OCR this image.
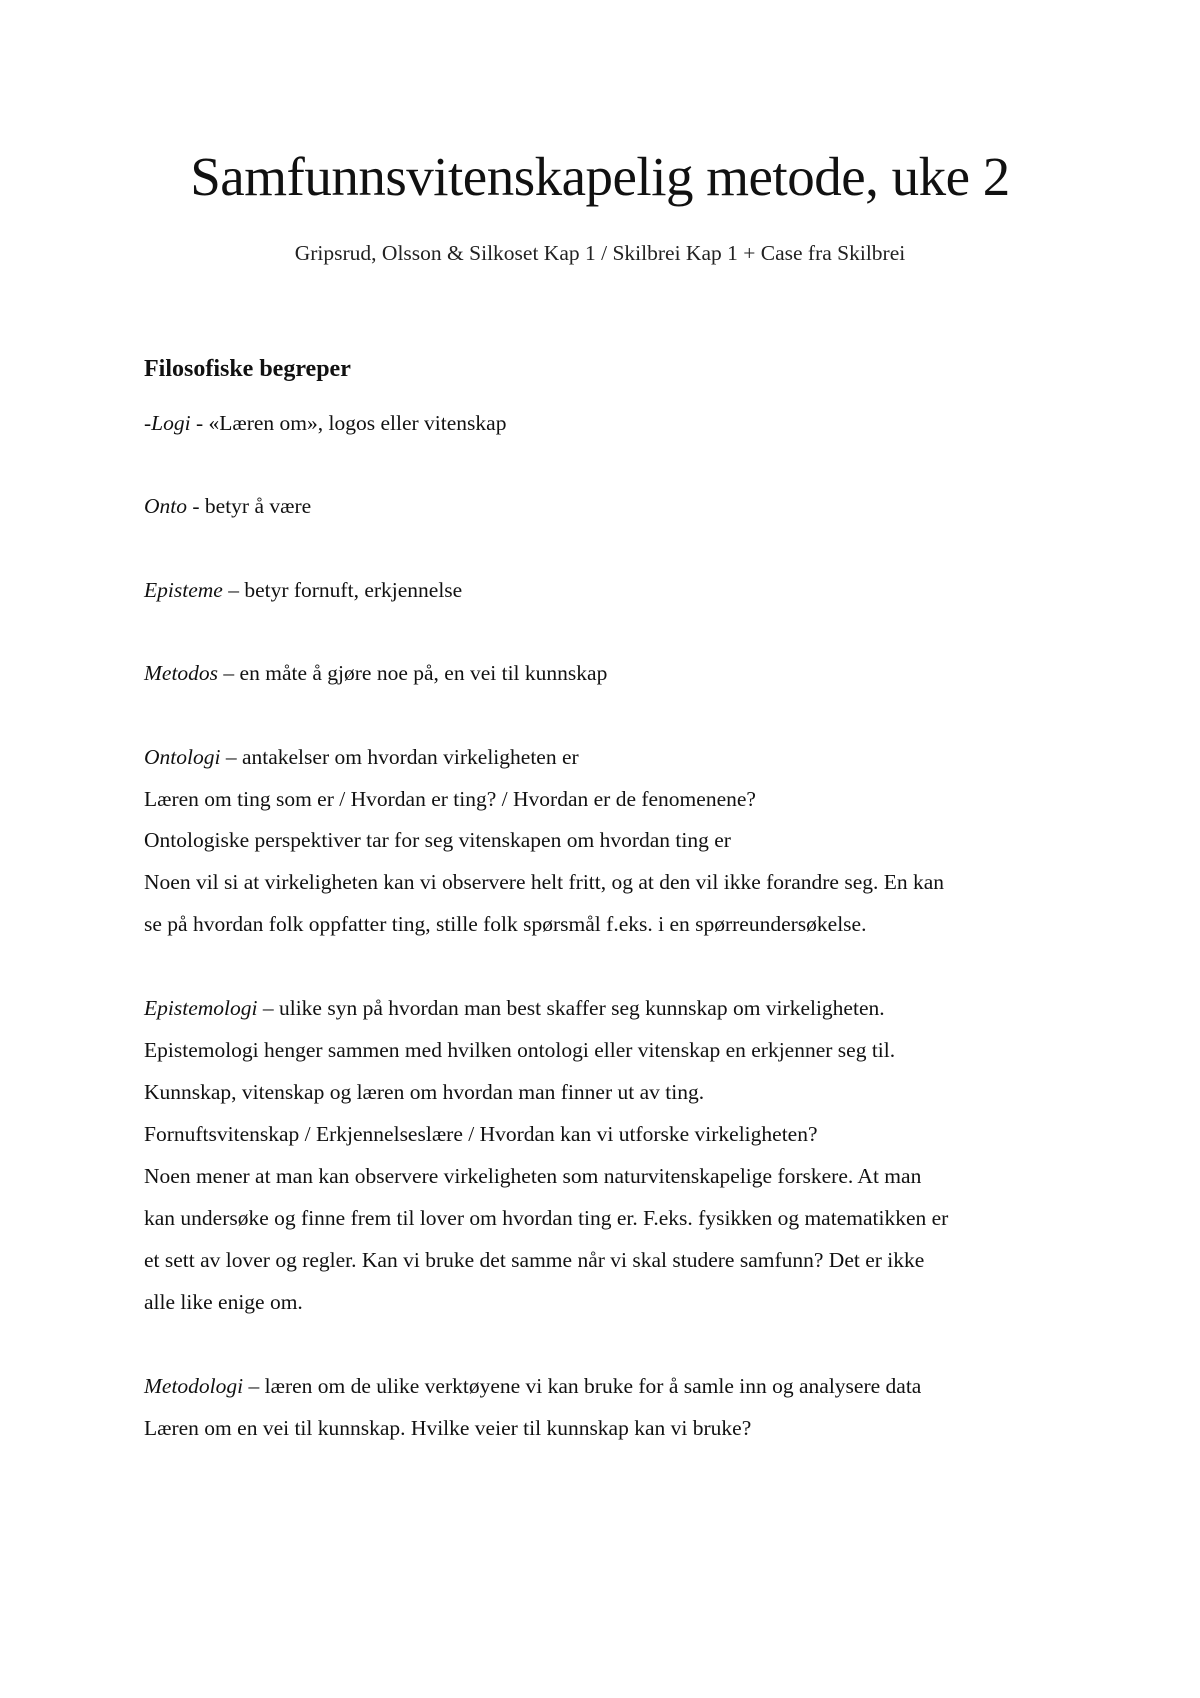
Samfunnsvitenskapelig metode, uke 2

Gripsrud, Olsson & Silkoset Kap 1 / Skilbrei Kap 1 + Case fra Skilbrei

Filosofiske begreper

-Logi - «Læren om», logos eller vitenskap

Onto - betyr å være

Episteme – betyr fornuft, erkjennelse

Metodos – en måte å gjøre noe på, en vei til kunnskap

Ontologi – antakelser om hvordan virkeligheten er

Læren om ting som er / Hvordan er ting? / Hvordan er de fenomenene?

Ontologiske perspektiver tar for seg vitenskapen om hvordan ting er

Noen vil si at virkeligheten kan vi observere helt fritt, og at den vil ikke forandre seg. En kan

se på hvordan folk oppfatter ting, stille folk spørsmål f.eks. i en spørreundersøkelse.

Epistemologi – ulike syn på hvordan man best skaffer seg kunnskap om virkeligheten.

Epistemologi henger sammen med hvilken ontologi eller vitenskap en erkjenner seg til.

Kunnskap, vitenskap og læren om hvordan man finner ut av ting.

Fornuftsvitenskap / Erkjennelseslære / Hvordan kan vi utforske virkeligheten?

Noen mener at man kan observere virkeligheten som naturvitenskapelige forskere. At man

kan undersøke og finne frem til lover om hvordan ting er. F.eks. fysikken og matematikken er

et sett av lover og regler. Kan vi bruke det samme når vi skal studere samfunn? Det er ikke

alle like enige om.

Metodologi – læren om de ulike verktøyene vi kan bruke for å samle inn og analysere data

Læren om en vei til kunnskap. Hvilke veier til kunnskap kan vi bruke?
